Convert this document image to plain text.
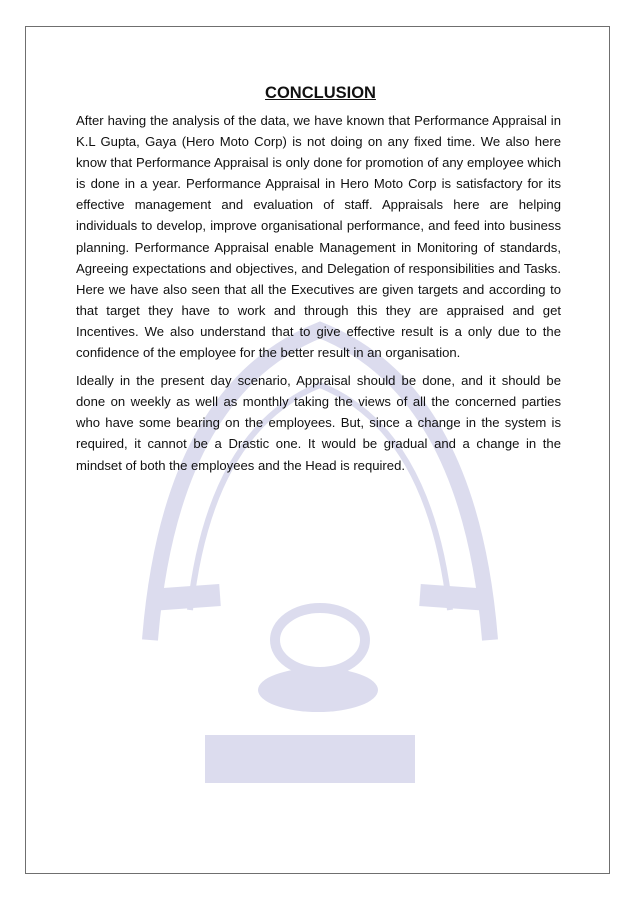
CONCLUSION

After having the analysis of the data, we have known that Performance Appraisal in K.L Gupta, Gaya (Hero Moto Corp) is not doing on any fixed time. We also here know that Performance Appraisal is only done for promotion of any employee which is done in a year. Performance Appraisal in Hero Moto Corp is satisfactory for its effective management and evaluation of staff. Appraisals here are helping individuals to develop, improve organisational performance, and feed into business planning. Performance Appraisal enable Management in Monitoring of standards, Agreeing expectations and objectives, and Delegation of responsibilities and Tasks. Here we have also seen that all the Executives are given targets and according to that target they have to work and through this they are appraised and get Incentives. We also understand that to give effective result is a only due to the confidence of the employee for the better result in an organisation.

Ideally in the present day scenario, Appraisal should be done, and it should be done on weekly as well as monthly taking the views of all the concerned parties who have some bearing on the employees. But, since a change in the system is required, it cannot be a Drastic one. It would be gradual and a change in the mindset of both the employees and the Head is required.
